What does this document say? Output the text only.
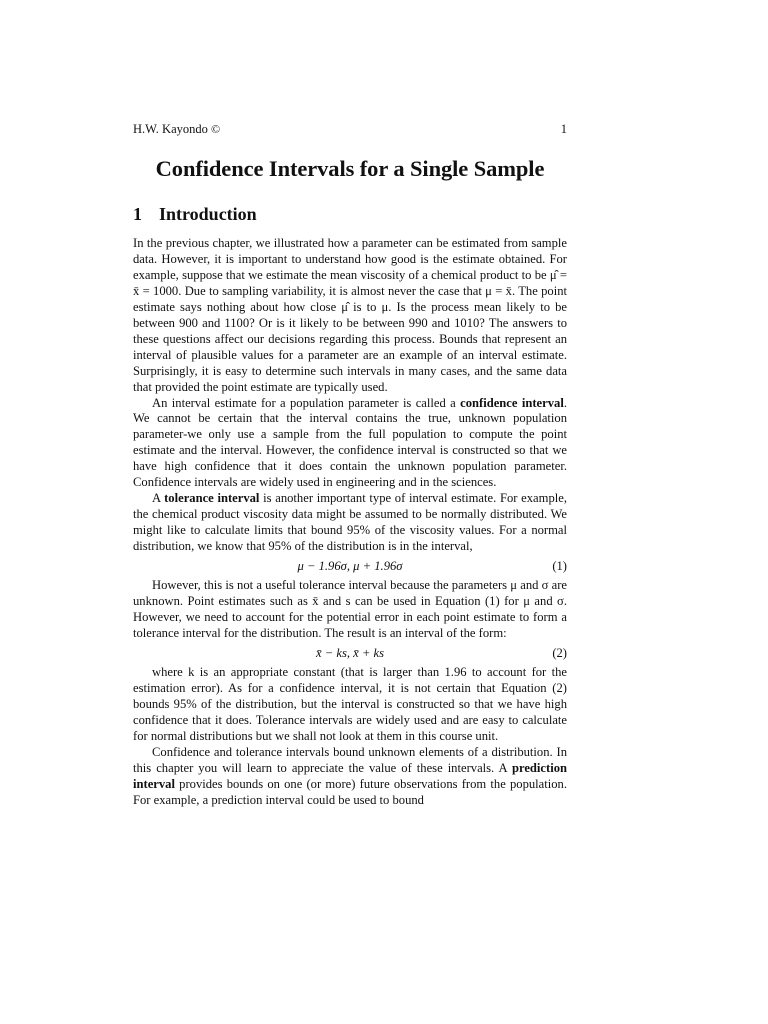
H.W. Kayondo ©	1
Confidence Intervals for a Single Sample
1 Introduction

In the previous chapter, we illustrated how a parameter can be estimated from sample data. However, it is important to understand how good is the estimate obtained. For example, suppose that we estimate the mean viscosity of a chemical product to be μ̂ = x̄ = 1000. Due to sampling variability, it is almost never the case that μ = x̄. The point estimate says nothing about how close μ̂ is to μ. Is the process mean likely to be between 900 and 1100? Or is it likely to be between 990 and 1010? The answers to these questions affect our decisions regarding this process. Bounds that represent an interval of plausible values for a parameter are an example of an interval estimate. Surprisingly, it is easy to determine such intervals in many cases, and the same data that provided the point estimate are typically used.

An interval estimate for a population parameter is called a confidence interval. We cannot be certain that the interval contains the true, unknown population parameter-we only use a sample from the full population to compute the point estimate and the interval. However, the confidence interval is constructed so that we have high confidence that it does contain the unknown population parameter. Confidence intervals are widely used in engineering and in the sciences.

A tolerance interval is another important type of interval estimate. For example, the chemical product viscosity data might be assumed to be normally distributed. We might like to calculate limits that bound 95% of the viscosity values. For a normal distribution, we know that 95% of the distribution is in the interval,

μ − 1.96σ, μ + 1.96σ	(1)

However, this is not a useful tolerance interval because the parameters μ and σ are unknown. Point estimates such as x̄ and s can be used in Equation (1) for μ and σ. However, we need to account for the potential error in each point estimate to form a tolerance interval for the distribution. The result is an interval of the form:

x̄ − ks, x̄ + ks	(2)

where k is an appropriate constant (that is larger than 1.96 to account for the estimation error). As for a confidence interval, it is not certain that Equation (2) bounds 95% of the distribution, but the interval is constructed so that we have high confidence that it does. Tolerance intervals are widely used and are easy to calculate for normal distributions but we shall not look at them in this course unit.

Confidence and tolerance intervals bound unknown elements of a distribution. In this chapter you will learn to appreciate the value of these intervals. A prediction interval provides bounds on one (or more) future observations from the population. For example, a prediction interval could be used to bound
